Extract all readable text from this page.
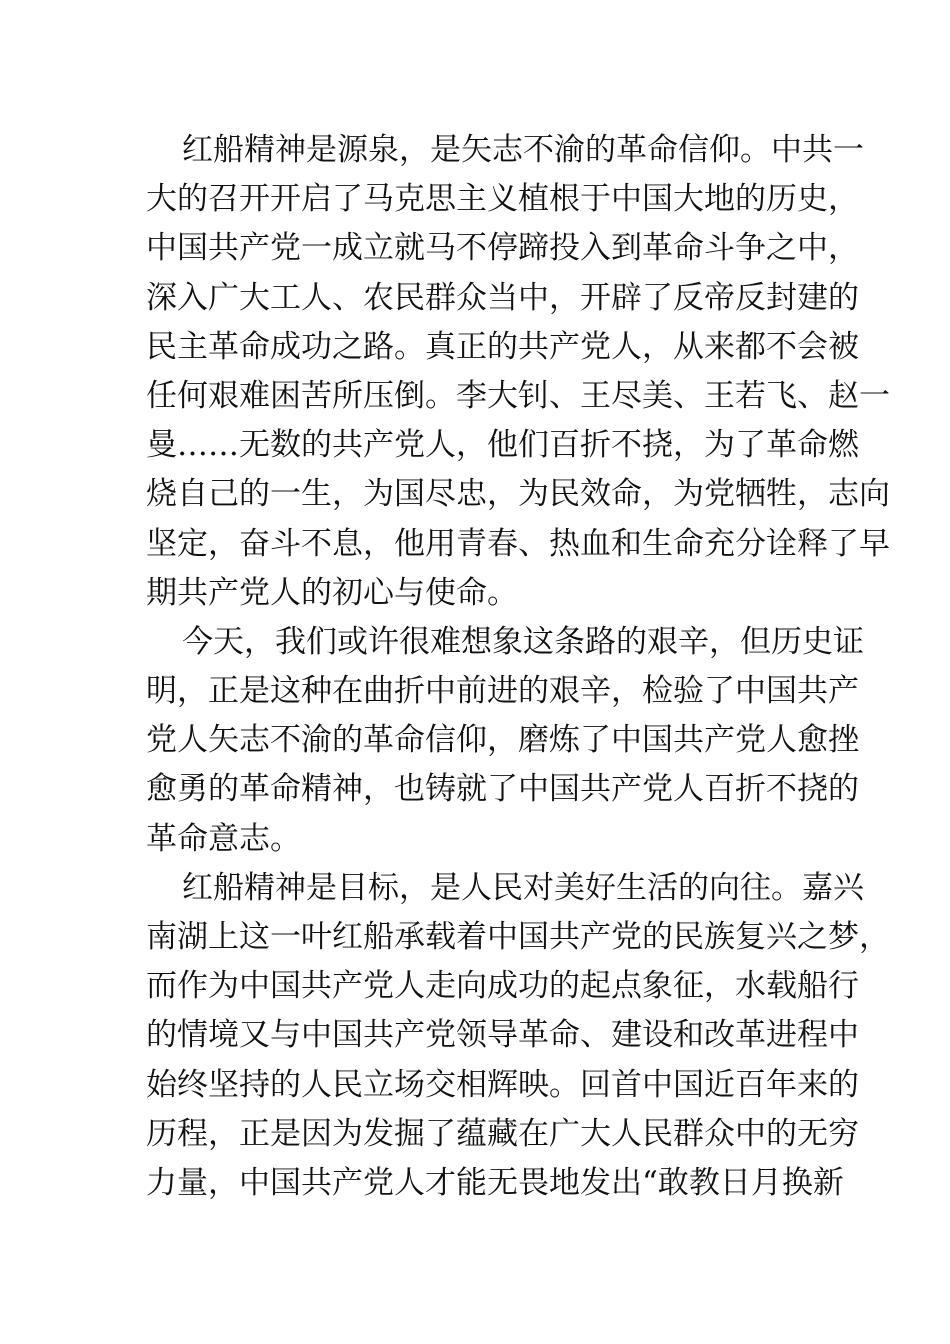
红船精神是源泉，是矢志不渝的革命信仰。中共一
大的召开开启了马克思主义植根于中国大地的历史，
中国共产党一成立就马不停蹄投入到革命斗争之中，
深入广大工人、农民群众当中，开辟了反帝反封建的
民主革命成功之路。真正的共产党人，从来都不会被
任何艰难困苦所压倒。李大钊、王尽美、王若飞、赵一
曼……无数的共产党人，他们百折不挠，为了革命燃
烧自己的一生，为国尽忠，为民效命，为党牺牲，志向
坚定，奋斗不息，他用青春、热血和生命充分诠释了早
期共产党人的初心与使命。
今天，我们或许很难想象这条路的艰辛，但历史证
明，正是这种在曲折中前进的艰辛，检验了中国共产
党人矢志不渝的革命信仰，磨炼了中国共产党人愈挫
愈勇的革命精神，也铸就了中国共产党人百折不挠的
革命意志。
红船精神是目标，是人民对美好生活的向往。嘉兴
南湖上这一叶红船承载着中国共产党的民族复兴之梦，
而作为中国共产党人走向成功的起点象征，水载船行
的情境又与中国共产党领导革命、建设和改革进程中
始终坚持的人民立场交相辉映。回首中国近百年来的
历程，正是因为发掘了蕴藏在广大人民群众中的无穷
力量，中国共产党人才能无畏地发出“敢教日月换新
